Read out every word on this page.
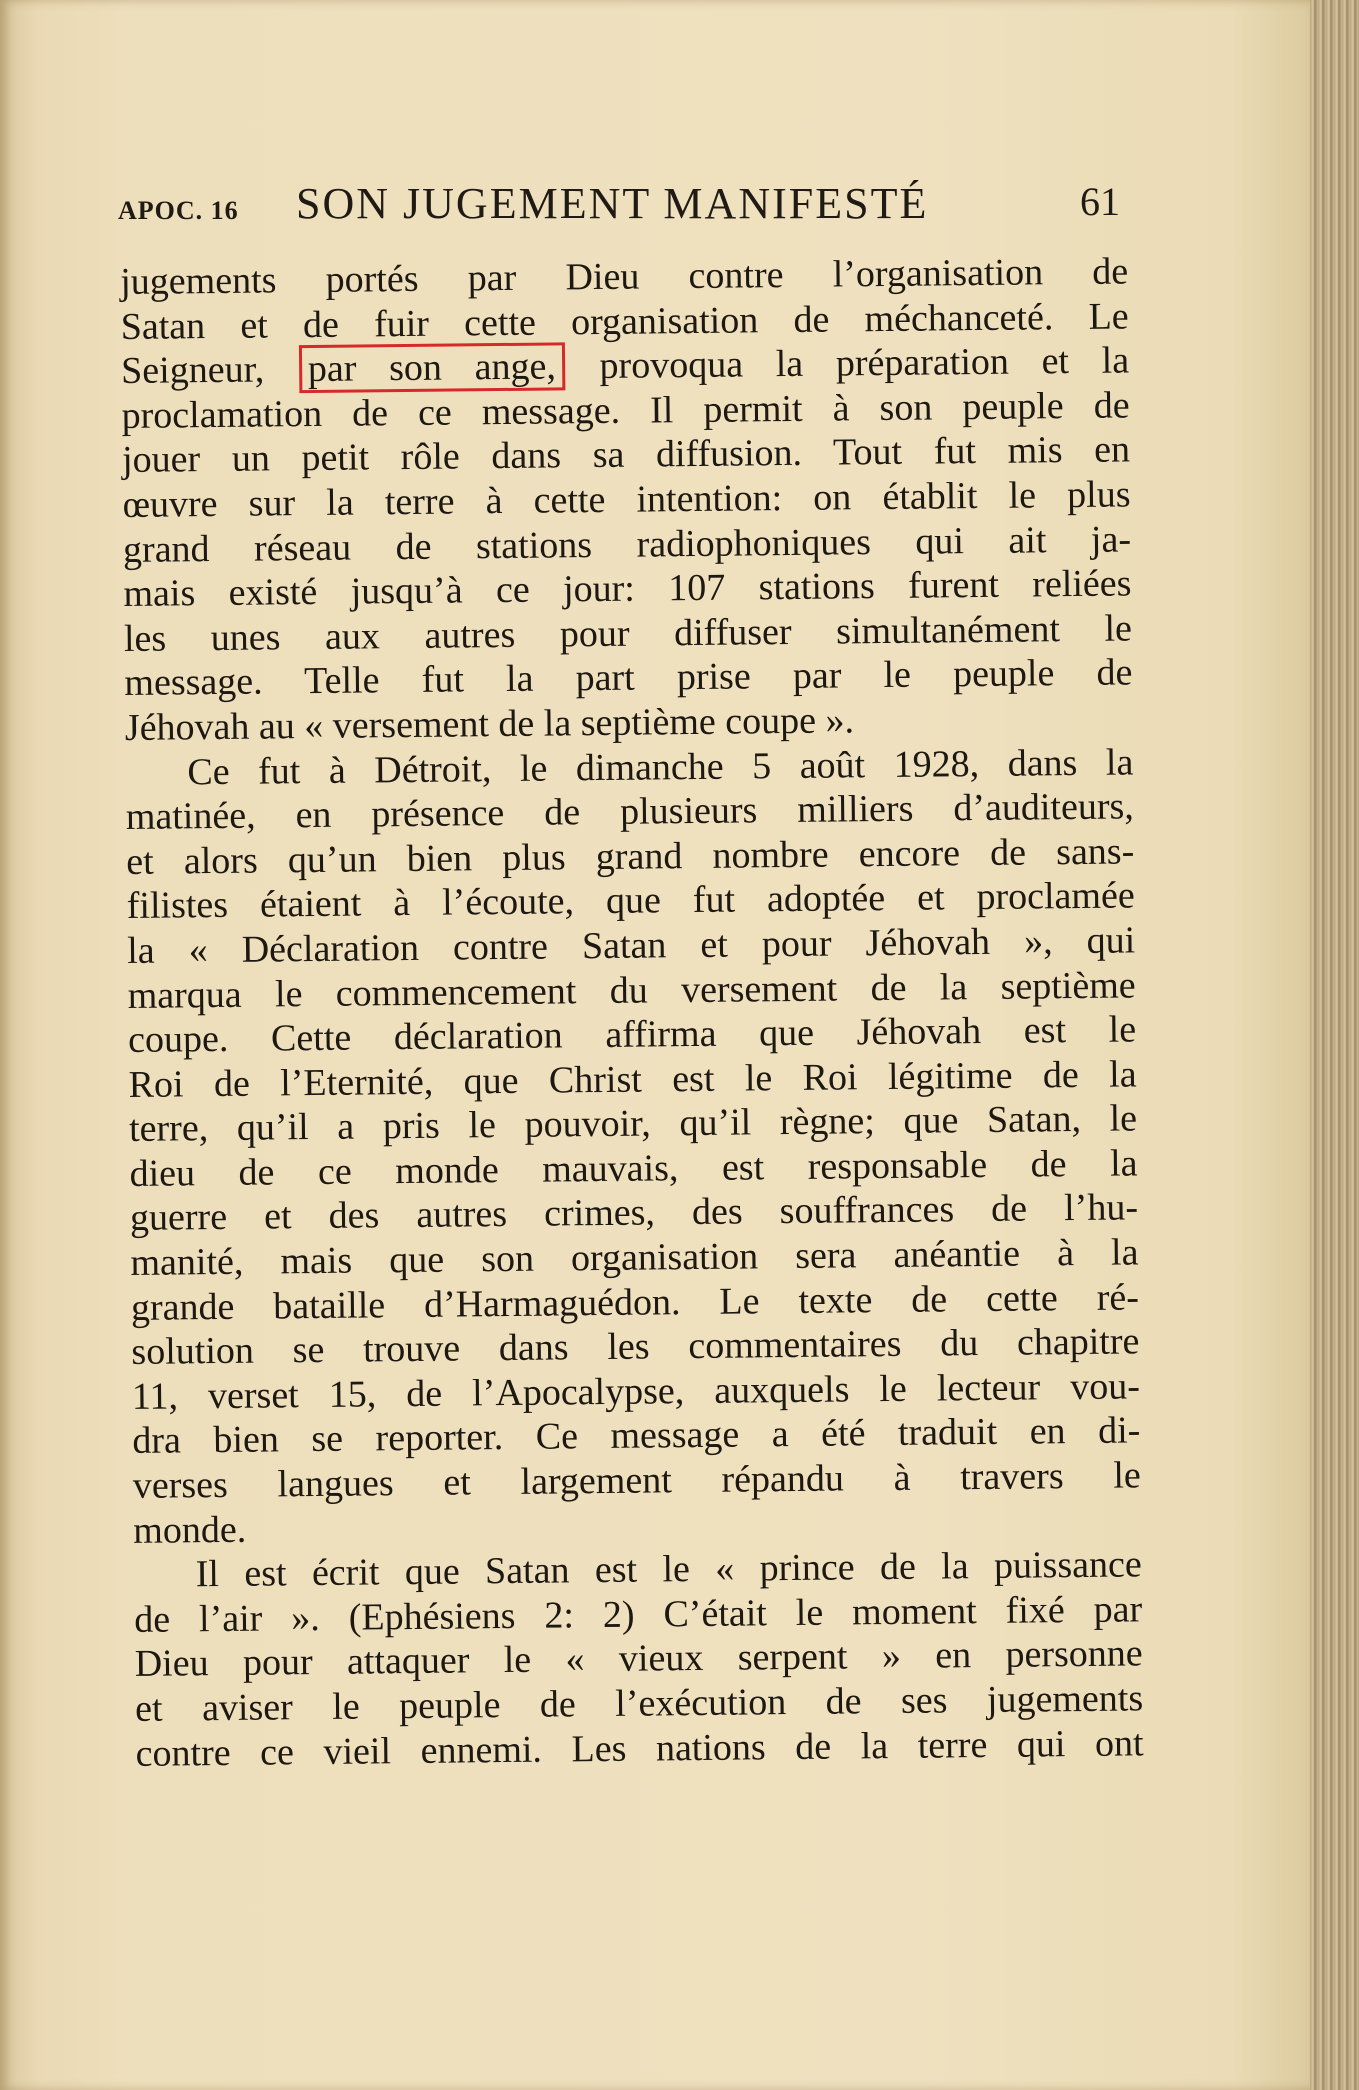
APOC. 16 SON JUGEMENT MANIFESTÉ	61
jugements portés par Dieu contre l’organisation de
Satan et de fuir cette organisation de méchanceté. Le
Seigneur, par son ange, provoqua la préparation et la
proclamation de ce message. Il permit à son peuple de
jouer un petit rôle dans sa diffusion. Tout fut mis en
œuvre sur la terre à cette intention: on établit le plus
grand réseau de stations radiophoniques qui ait ja-
mais existé jusqu’à ce jour: 107 stations furent reliées
les unes aux autres pour diffuser simultanément le
message. Telle fut la part prise par le peuple de
Jéhovah au « versement de la septième coupe ».
Ce fut à Détroit, le dimanche 5 août 1928, dans la
matinée, en présence de plusieurs milliers d’auditeurs,
et alors qu’un bien plus grand nombre encore de sans-
filistes étaient à l’écoute, que fut adoptée et proclamée
la « Déclaration contre Satan et pour Jéhovah », qui
marqua le commencement du versement de la septième
coupe. Cette déclaration affirma que Jéhovah est le
Roi de l’Eternité, que Christ est le Roi légitime de la
terre, qu’il a pris le pouvoir, qu’il règne; que Satan, le
dieu de ce monde mauvais, est responsable de la
guerre et des autres crimes, des souffrances de l’hu-
manité, mais que son organisation sera anéantie à la
grande bataille d’Harmaguédon. Le texte de cette ré-
solution se trouve dans les commentaires du chapitre
11, verset 15, de l’Apocalypse, auxquels le lecteur vou-
dra bien se reporter. Ce message a été traduit en di-
verses langues et largement répandu à travers le
monde.
Il est écrit que Satan est le « prince de la puissance
de l’air ». (Ephésiens 2: 2) C’était le moment fixé par
Dieu pour attaquer le « vieux serpent » en personne
et aviser le peuple de l’exécution de ses jugements
contre ce vieil ennemi. Les nations de la terre qui ont
